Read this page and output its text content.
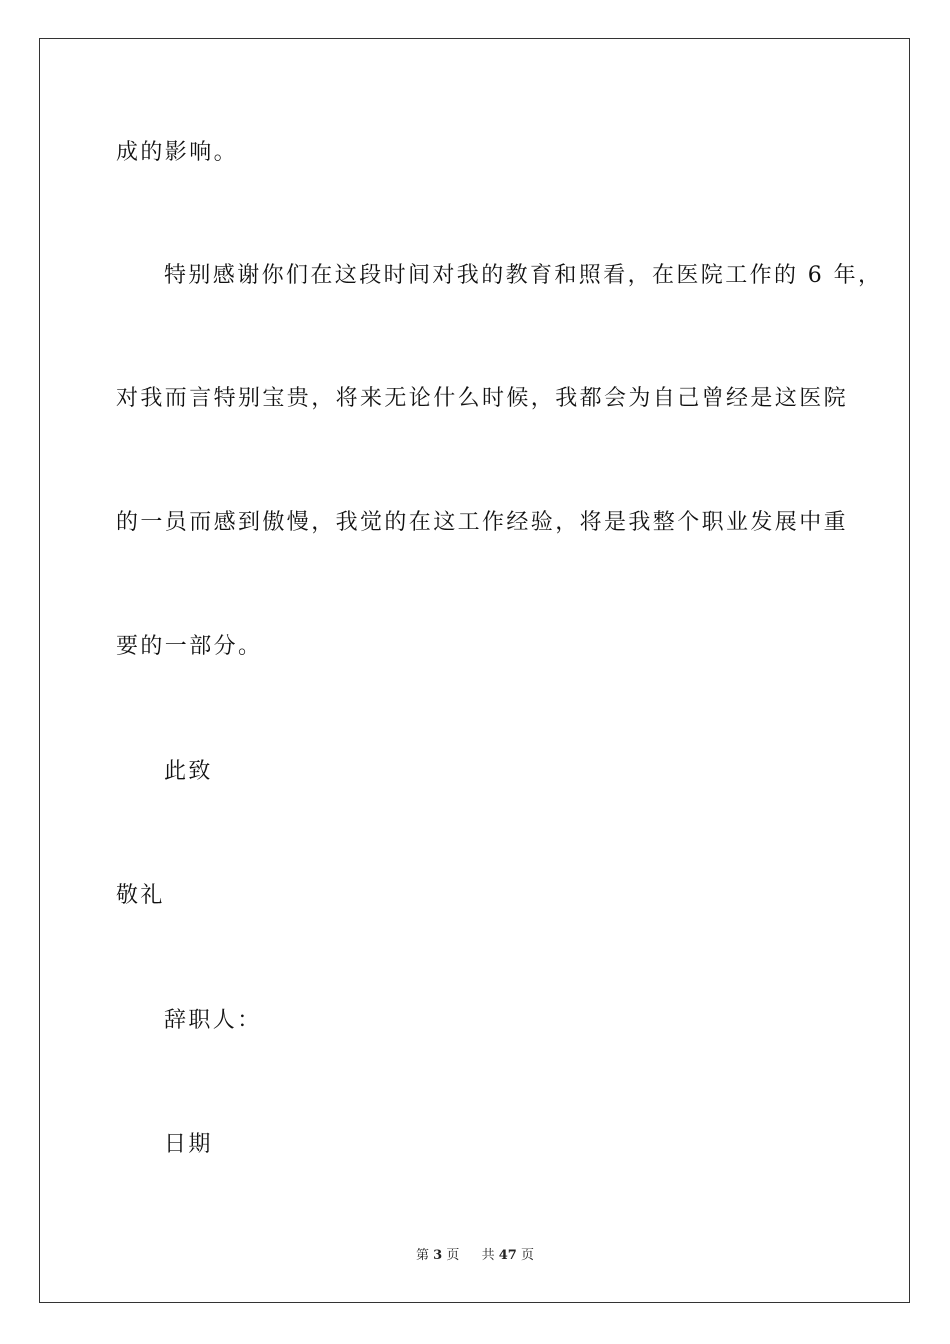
成的影响。
特别感谢你们在这段时间对我的教育和照看，在医院工作的 6 年，
对我而言特别宝贵，将来无论什么时候，我都会为自己曾经是这医院
的一员而感到傲慢，我觉的在这工作经验，将是我整个职业发展中重
要的一部分。
此致
敬礼
辞职人：
日期
第 3 页 共 47 页
